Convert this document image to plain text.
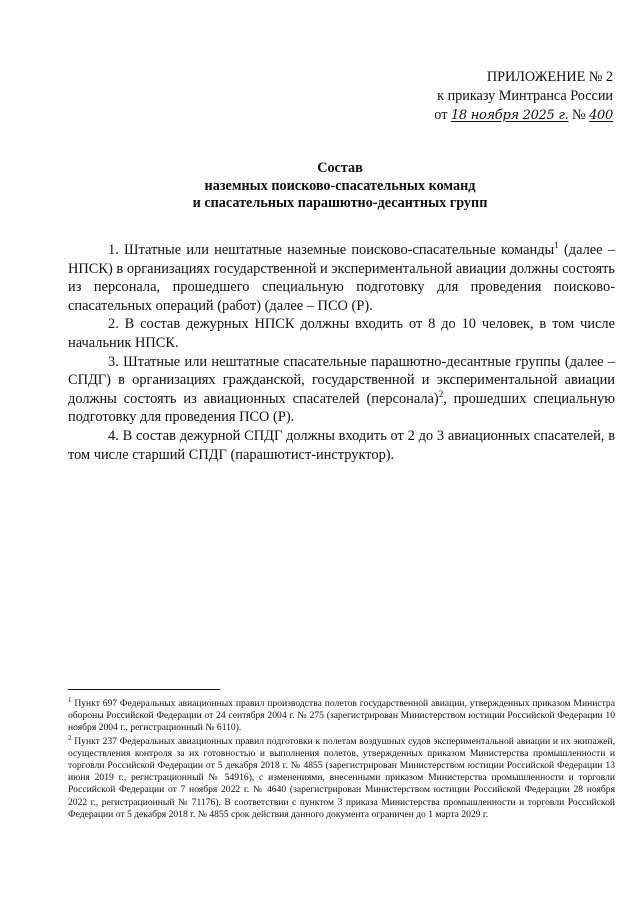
ПРИЛОЖЕНИЕ № 2
к приказу Минтранса России
от 18 ноября 2025 г. № 400
Состав
наземных поисково-спасательных команд
и спасательных парашютно-десантных групп

1. Штатные или нештатные наземные поисково-спасательные команды$^1$ (далее – НПСК) в организациях государственной и экспериментальной авиации должны состоять из персонала, прошедшего специальную подготовку для проведения поисково-спасательных операций (работ) (далее – ПСО (Р).

2. В состав дежурных НПСК должны входить от 8 до 10 человек, в том числе начальник НПСК.

3. Штатные или нештатные спасательные парашютно-десантные группы (далее – СПДГ) в организациях гражданской, государственной и экспериментальной авиации должны состоять из авиационных спасателей (персонала)$^2$, прошедших специальную подготовку для проведения ПСО (Р).

4. В состав дежурной СПДГ должны входить от 2 до 3 авиационных спасателей, в том числе старший СПДГ (парашютист-инструктор).

$^1$ Пункт 697 Федеральных авиационных правил производства полетов государственной авиации, утвержденных приказом Министра обороны Российской Федерации от 24 сентября 2004 г. № 275 (зарегистрирован Министерством юстиции Российской Федерации 10 ноября 2004 г., регистрационный № 6110).

$^2$ Пункт 237 Федеральных авиационных правил подготовки к полетам воздушных судов экспериментальной авиации и их экипажей, осуществления контроля за их готовностью и выполнения полетов, утвержденных приказом Министерства промышленности и торговли Российской Федерации от 5 декабря 2018 г. № 4855 (зарегистрирован Министерством юстиции Российской Федерации 13 июня 2019 г., регистрационный № 54916), с изменениями, внесенными приказом Министерства промышленности и торговли Российской Федерации от 7 ноября 2022 г. № 4640 (зарегистрирован Министерством юстиции Российской Федерации 28 ноября 2022 г., регистрационный № 71176). В соответствии с пунктом 3 приказа Министерства промышленности и торговли Российской Федерации от 5 декабря 2018 г. № 4855 срок действия данного документа ограничен до 1 марта 2029 г.
